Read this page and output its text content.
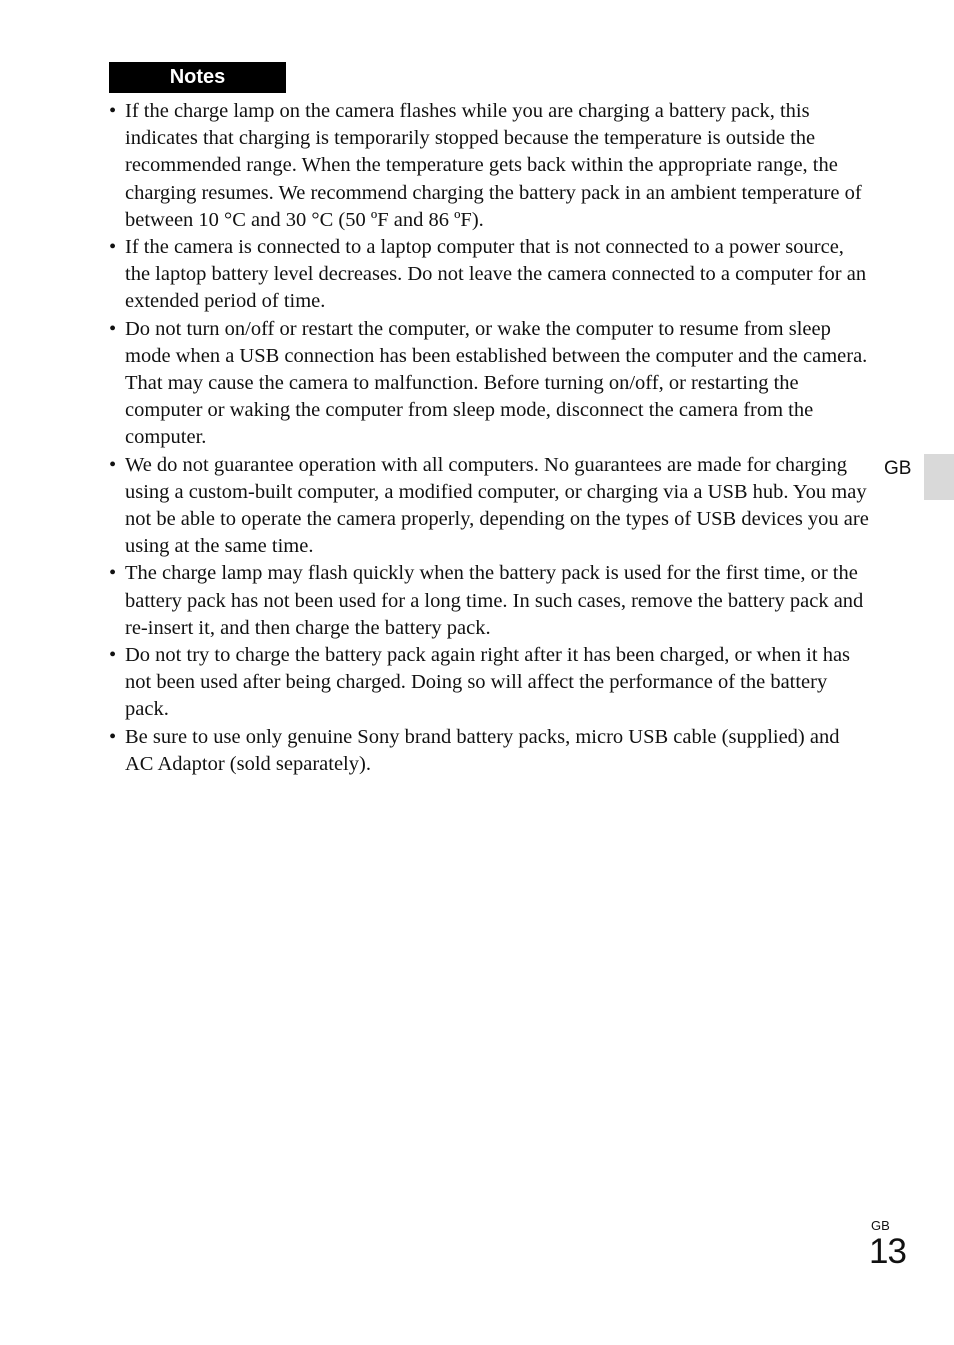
Notes
• If the charge lamp on the camera flashes while you are charging a battery pack, this indicates that charging is temporarily stopped because the temperature is outside the recommended range. When the temperature gets back within the appropriate range, the charging resumes. We recommend charging the battery pack in an ambient temperature of between 10 °C and 30 °C (50 ºF and 86 ºF).
• If the camera is connected to a laptop computer that is not connected to a power source, the laptop battery level decreases. Do not leave the camera connected to a computer for an extended period of time.
• Do not turn on/off or restart the computer, or wake the computer to resume from sleep mode when a USB connection has been established between the computer and the camera. That may cause the camera to malfunction. Before turning on/off, or restarting the computer or waking the computer from sleep mode, disconnect the camera from the computer.
• We do not guarantee operation with all computers. No guarantees are made for charging using a custom-built computer, a modified computer, or charging via a USB hub. You may not be able to operate the camera properly, depending on the types of USB devices you are using at the same time.
• The charge lamp may flash quickly when the battery pack is used for the first time, or the battery pack has not been used for a long time. In such cases, remove the battery pack and re-insert it, and then charge the battery pack.
• Do not try to charge the battery pack again right after it has been charged, or when it has not been used after being charged. Doing so will affect the performance of the battery pack.
• Be sure to use only genuine Sony brand battery packs, micro USB cable (supplied) and AC Adaptor (sold separately).
GB
GB
13
